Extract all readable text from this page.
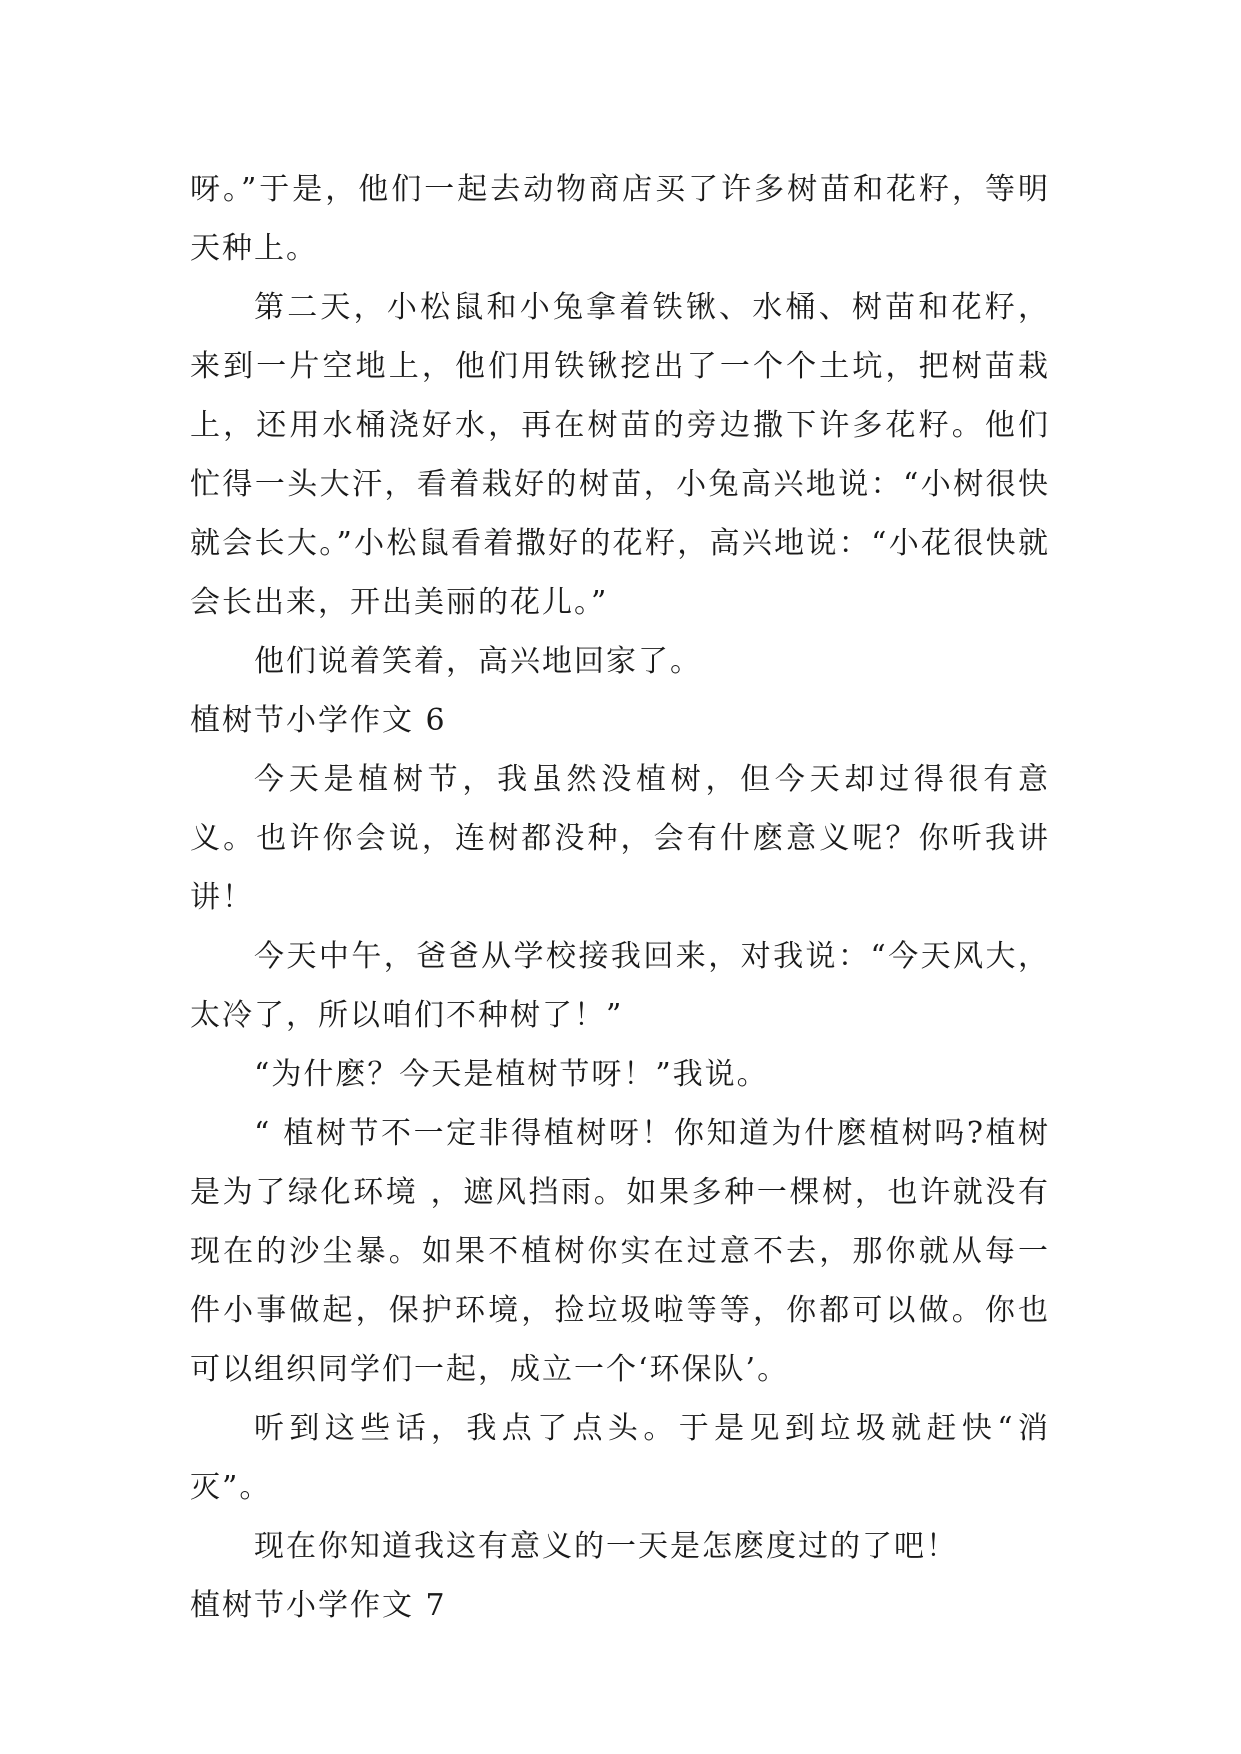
呀。”于是，他们一起去动物商店买了许多树苗和花籽，等明天种上。

第二天，小松鼠和小兔拿着铁锹、水桶、树苗和花籽，来到一片空地上，他们用铁锹挖出了一个个土坑，把树苗栽上，还用水桶浇好水，再在树苗的旁边撒下许多花籽。他们忙得一头大汗，看着栽好的树苗，小兔高兴地说：“小树很快就会长大。”小松鼠看着撒好的花籽，高兴地说：“小花很快就会长出来，开出美丽的花儿。”

他们说着笑着，高兴地回家了。

植树节小学作文 6

今天是植树节，我虽然没植树，但今天却过得很有意义。也许你会说，连树都没种，会有什麽意义呢？你听我讲讲！

今天中午，爸爸从学校接我回来，对我说：“今天风大，太冷了，所以咱们不种树了！”

“为什麽？今天是植树节呀！”我说。

“ 植树节不一定非得植树呀！你知道为什麽植树吗?植树是为了绿化环境 ，遮风挡雨。如果多种一棵树，也许就没有现在的沙尘暴。如果不植树你实在过意不去，那你就从每一件小事做起，保护环境，捡垃圾啦等等，你都可以做。你也可以组织同学们一起，成立一个‘环保队’。

听到这些话，我点了点头。于是见到垃圾就赶快“消灭”。

现在你知道我这有意义的一天是怎麽度过的了吧！

植树节小学作文 7
